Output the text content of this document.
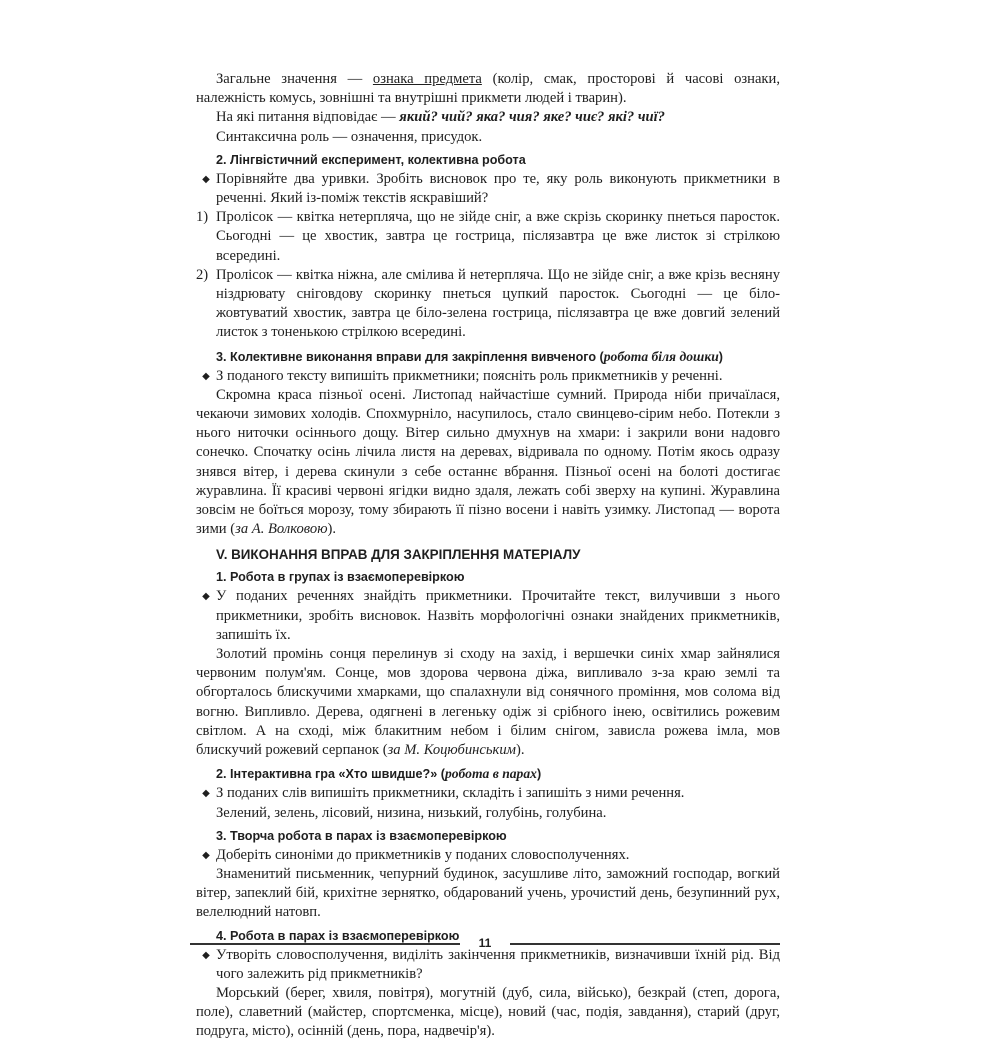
Загальне значення — ознака предмета (колір, смак, просторові й часові ознаки, належність комусь, зовнішні та внутрішні прикмети людей і тварин).

На які питання відповідає — який? чий? яка? чия? яке? чиє? які? чиї?

Синтаксична роль — означення, присудок.

2. Лінгвістичний експеримент, колективна робота
◆ Порівняйте два уривки. Зробіть висновок про те, яку роль виконують прикметники в реченні. Який із-поміж текстів яскравіший?

1) Пролісок — квітка нетерпляча, що не зійде сніг, а вже скрізь скоринку пнеться паросток. Сьогодні — це хвостик, завтра це гострица, післязавтра це вже листок зі стрілкою всередині.

2) Пролісок — квітка ніжна, але смілива й нетерпляча. Що не зійде сніг, а вже крізь весняну ніздрювату сніговдову скоринку пнеться цупкий паросток. Сьогодні — це біло-жовтуватий хвостик, завтра це біло-зелена гострица, післязавтра це вже довгий зелений листок з тоненькою стрілкою всередині.

3. Колективне виконання вправи для закріплення вивченого (робота біля дошки)
◆ З поданого тексту випишіть прикметники; поясніть роль прикметників у реченні.

Скромна краса пізньої осені. Листопад найчастіше сумний. Природа ніби причаїлася, чекаючи зимових холодів. Спохмурніло, насупилось, стало свинцево-сірим небо. Потекли з нього ниточки осіннього дощу. Вітер сильно дмухнув на хмари: і закрили вони надовго сонечко. Спочатку осінь лічила листя на деревах, відривала по одному. Потім якось одразу знявся вітер, і дерева скинули з себе останнє вбрання. Пізньої осені на болоті достигає журавлина. Її красиві червоні ягідки видно здаля, лежать собі зверху на купині. Журавлина зовсім не боїться морозу, тому збирають її пізно восени і навіть узимку. Листопад — ворота зими (за А. Волковою).

V. ВИКОНАННЯ ВПРАВ ДЛЯ ЗАКРІПЛЕННЯ МАТЕРІАЛУ
1. Робота в групах із взаємоперевіркою
◆ У поданих реченнях знайдіть прикметники. Прочитайте текст, вилучивши з нього прикметники, зробіть висновок. Назвіть морфологічні ознаки знайдених прикметників, запишіть їх.

Золотий промінь сонця перелинув зі сходу на захід, і вершечки синіх хмар зайнялися червоним полум'ям. Сонце, мов здорова червона діжа, випливало з-за краю землі та обгорталось блискучими хмарками, що спалахнули від сонячного проміння, мов солома від вогню. Випливло. Дерева, одягнені в легеньку одіж зі срібного інею, освітились рожевим світлом. А на сході, між блакитним небом і білим снігом, зависла рожева імла, мов блискучий рожевий серпанок (за М. Коцюбинським).

2. Інтерактивна гра «Хто швидше?» (робота в парах)
◆ З поданих слів випишіть прикметники, складіть і запишіть з ними речення.

Зелений, зелень, лісовий, низина, низький, голубінь, голубина.

3. Творча робота в парах із взаємоперевіркою
◆ Доберіть синоніми до прикметників у поданих словосполученнях.

Знаменитий письменник, чепурний будинок, засушливе літо, заможний господар, вогкий вітер, запеклий бій, крихітне зернятко, обдарований учень, урочистий день, безупинний рух, велелюдний натовп.

4. Робота в парах із взаємоперевіркою
◆ Утворіть словосполучення, виділіть закінчення прикметників, визначивши їхній рід. Від чого залежить рід прикметників?

Морський (берег, хвиля, повітря), могутній (дуб, сила, військо), безкрай (степ, дорога, поле), славетний (майстер, спортсменка, місце), новий (час, подія, завдання), старий (друг, подруга, місто), осінній (день, пора, надвечір'я).

11
